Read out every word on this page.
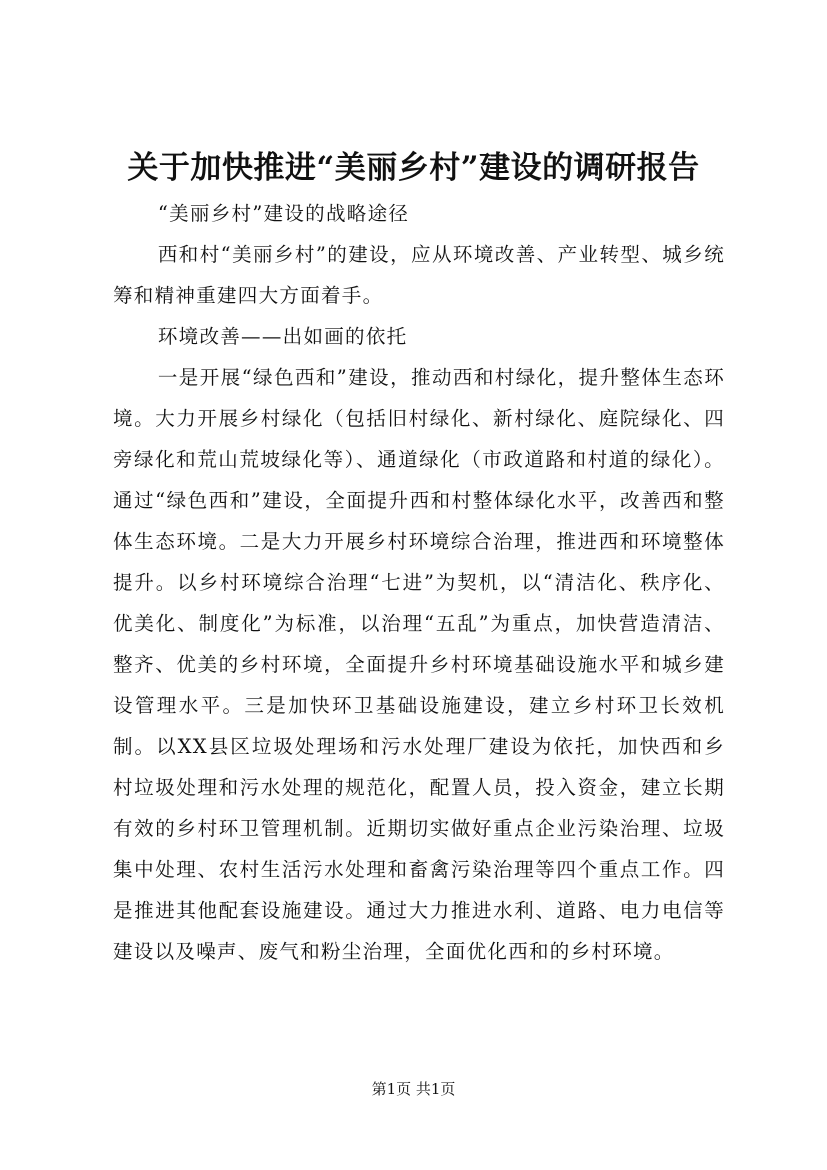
关于加快推进“美丽乡村”建设的调研报告

“美丽乡村”建设的战略途径

西和村“美丽乡村”的建设，应从环境改善、产业转型、城乡统筹和精神重建四大方面着手。

环境改善——出如画的依托

一是开展“绿色西和”建设，推动西和村绿化，提升整体生态环境。大力开展乡村绿化（包括旧村绿化、新村绿化、庭院绿化、四旁绿化和荒山荒坡绿化等）、通道绿化（市政道路和村道的绿化）。通过“绿色西和”建设，全面提升西和村整体绿化水平，改善西和整体生态环境。二是大力开展乡村环境综合治理，推进西和环境整体提升。以乡村环境综合治理“七进”为契机，以“清洁化、秩序化、优美化、制度化”为标准，以治理“五乱”为重点，加快营造清洁、整齐、优美的乡村环境，全面提升乡村环境基础设施水平和城乡建设管理水平。三是加快环卫基础设施建设，建立乡村环卫长效机制。以XX县区垃圾处理场和污水处理厂建设为依托，加快西和乡村垃圾处理和污水处理的规范化，配置人员，投入资金，建立长期有效的乡村环卫管理机制。近期切实做好重点企业污染治理、垃圾集中处理、农村生活污水处理和畜禽污染治理等四个重点工作。四是推进其他配套设施建设。通过大力推进水利、道路、电力电信等建设以及噪声、废气和粉尘治理，全面优化西和的乡村环境。

第1页 共1页
